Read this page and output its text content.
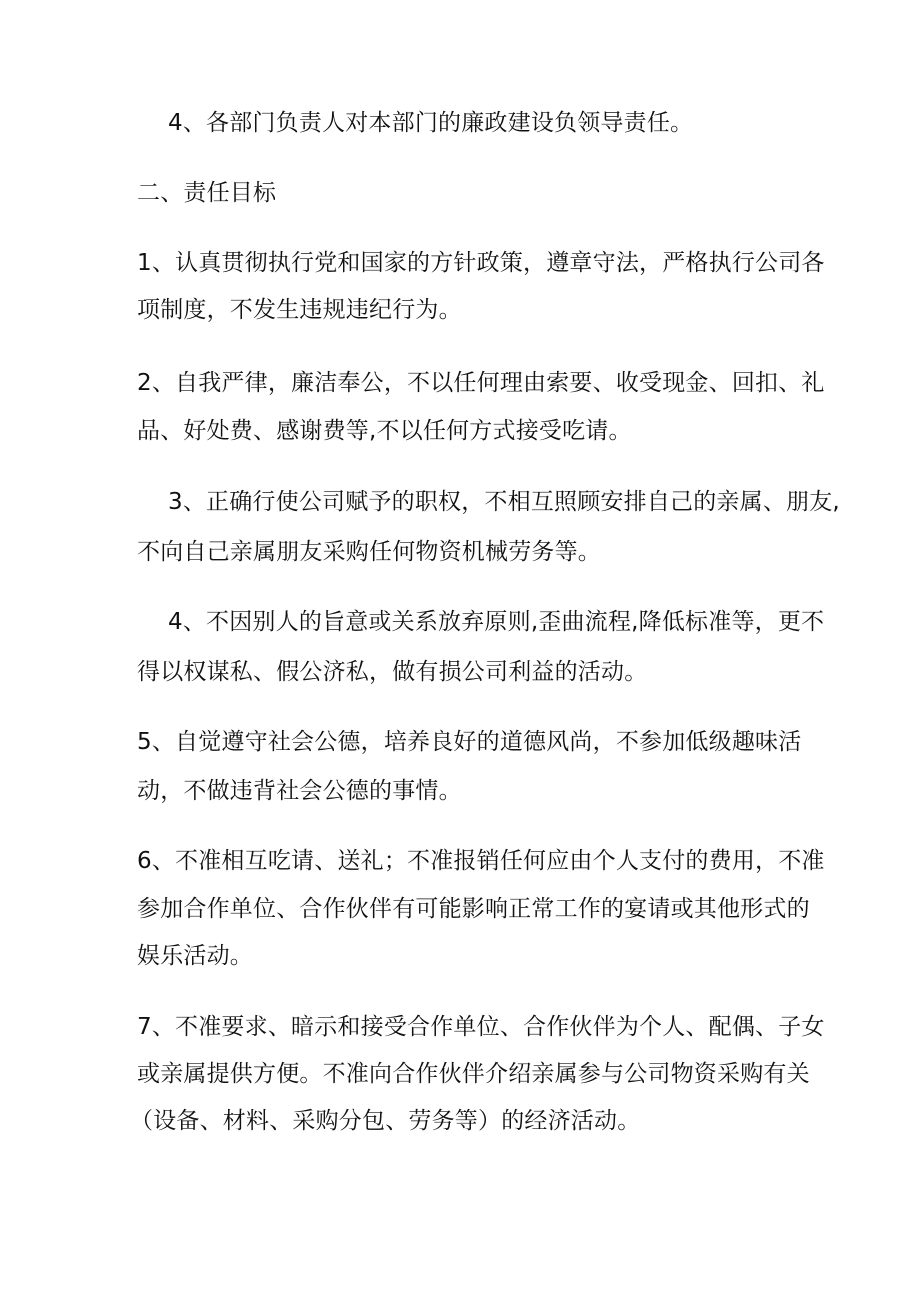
4、各部门负责人对本部门的廉政建设负领导责任。
二、责任目标
1、认真贯彻执行党和国家的方针政策，遵章守法，严格执行公司各
项制度，不发生违规违纪行为。
2、自我严律，廉洁奉公，不以任何理由索要、收受现金、回扣、礼
品、好处费、感谢费等,不以任何方式接受吃请。
3、正确行使公司赋予的职权，不相互照顾安排自己的亲属、朋友,
不向自己亲属朋友采购任何物资机械劳务等。
4、不因别人的旨意或关系放弃原则,歪曲流程,降低标准等，更不
得以权谋私、假公济私，做有损公司利益的活动。
5、自觉遵守社会公德，培养良好的道德风尚，不参加低级趣味活
动，不做违背社会公德的事情。
6、不准相互吃请、送礼；不准报销任何应由个人支付的费用，不准
参加合作单位、合作伙伴有可能影响正常工作的宴请或其他形式的
娱乐活动。
7、不准要求、暗示和接受合作单位、合作伙伴为个人、配偶、子女
或亲属提供方便。不准向合作伙伴介绍亲属参与公司物资采购有关
（设备、材料、采购分包、劳务等）的经济活动。
